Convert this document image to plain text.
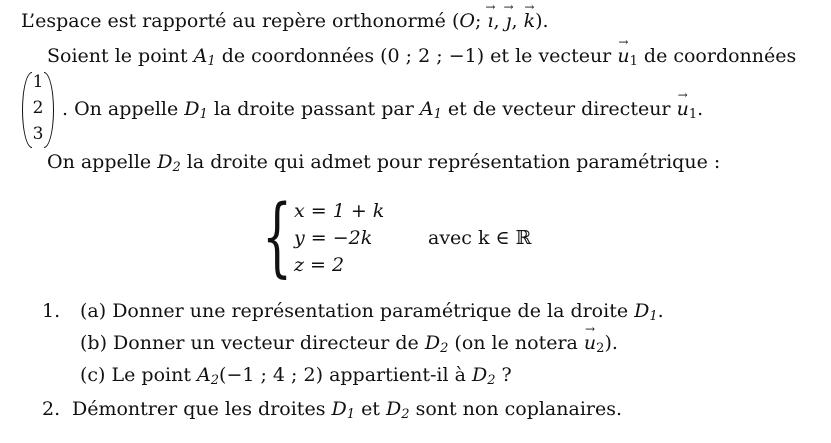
L’espace est rapporté au repère orthonormé (O; → ı, → ȷ, → k).
Soient le point $A_1$ de coordonnées (0 ; 2 ; −1) et le vecteur → $u_1$ de coordonnées
1
2
3
. On appelle $D_1$ la droite passant par $A_1$ et de vecteur directeur → $u_1$.
On appelle $D_2$ la droite qui admet pour représentation paramétrique :
{ x = 1 + k
y = −2k
z = 2
avec k ∈ ℝ
1. (a) Donner une représentation paramétrique de la droite $D_1$.
(b) Donner un vecteur directeur de $D_2$ (on le notera → $u_2$).
(c) Le point $A_2(-1$ ; 4 ; 2) appartient-il à $D_2$ ?
2. Démontrer que les droites $D_1$ et $D_2$ sont non coplanaires.
